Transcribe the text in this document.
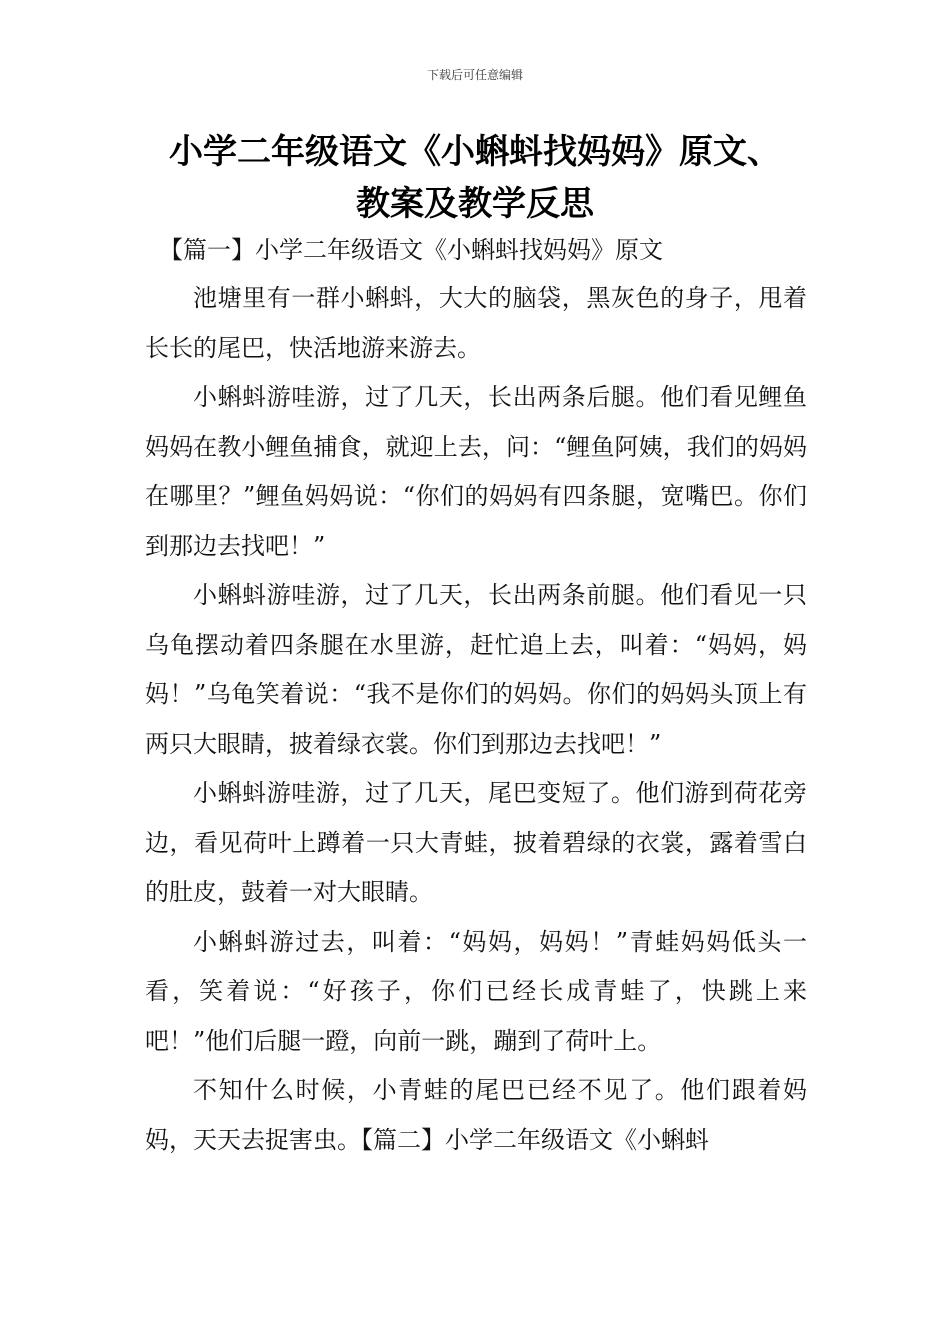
下载后可任意编辑
小学二年级语文《小蝌蚪找妈妈》原文、
教案及教学反思

【篇一】小学二年级语文《小蝌蚪找妈妈》原文

池塘里有一群小蝌蚪，大大的脑袋，黑灰色的身子，甩着长长的尾巴，快活地游来游去。

小蝌蚪游哇游，过了几天，长出两条后腿。他们看见鲤鱼妈妈在教小鲤鱼捕食，就迎上去，问：“鲤鱼阿姨，我们的妈妈在哪里？”鲤鱼妈妈说：“你们的妈妈有四条腿，宽嘴巴。你们到那边去找吧！”

小蝌蚪游哇游，过了几天，长出两条前腿。他们看见一只乌龟摆动着四条腿在水里游，赶忙追上去，叫着：“妈妈，妈妈！”乌龟笑着说：“我不是你们的妈妈。你们的妈妈头顶上有两只大眼睛，披着绿衣裳。你们到那边去找吧！”

小蝌蚪游哇游，过了几天，尾巴变短了。他们游到荷花旁边，看见荷叶上蹲着一只大青蛙，披着碧绿的衣裳，露着雪白的肚皮，鼓着一对大眼睛。

小蝌蚪游过去，叫着：“妈妈，妈妈！”青蛙妈妈低头一看，笑着说：“好孩子，你们已经长成青蛙了，快跳上来吧！”他们后腿一蹬，向前一跳，蹦到了荷叶上。

不知什么时候，小青蛙的尾巴已经不见了。他们跟着妈妈，天天去捉害虫。【篇二】小学二年级语文《小蝌蚪
